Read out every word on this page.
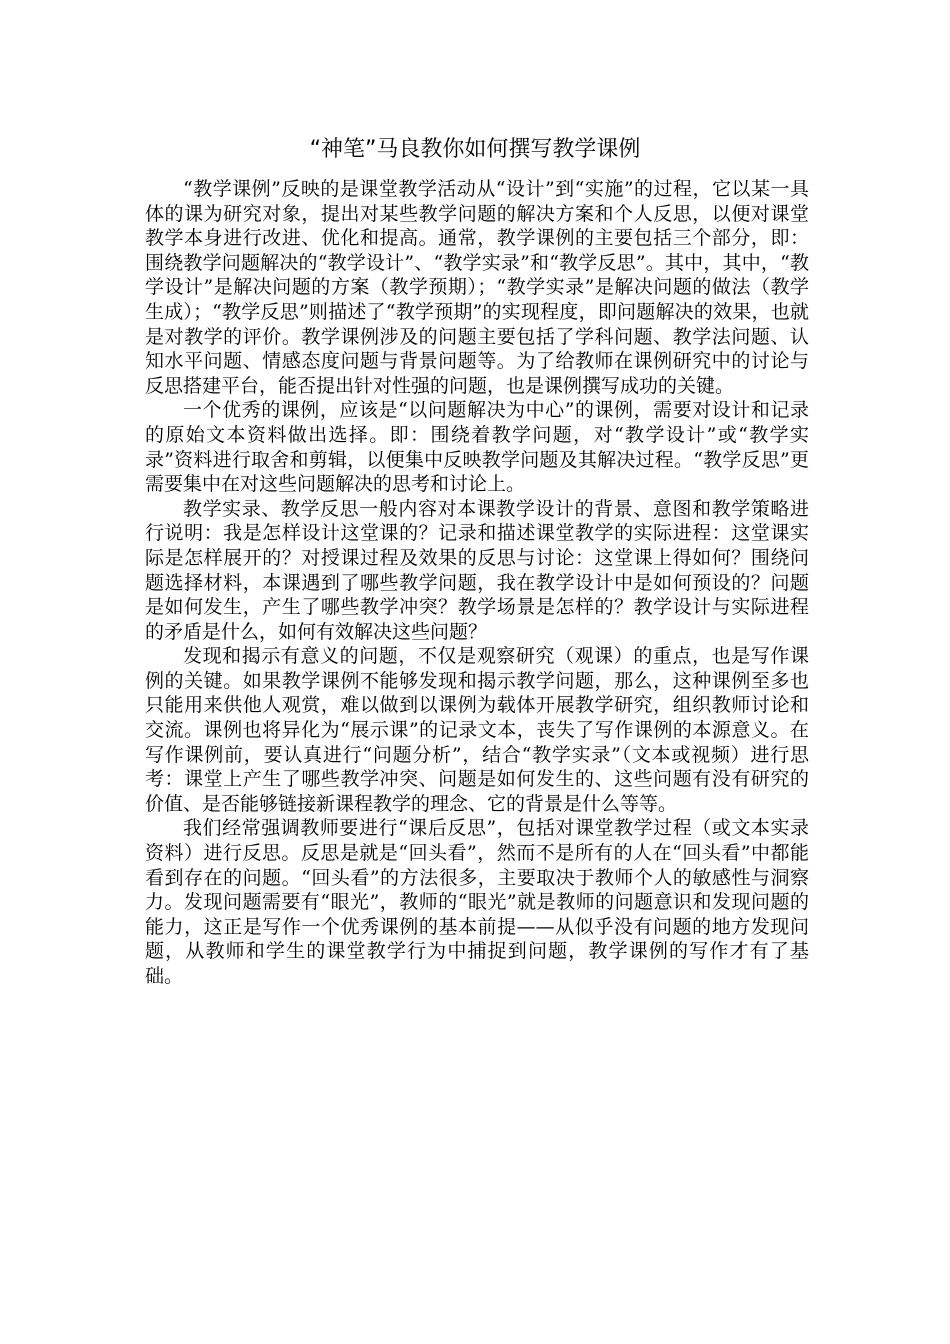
“神笔”马良教你如何撰写教学课例

“教学课例”反映的是课堂教学活动从“设计”到“实施”的过程，它以某一具体的课为研究对象，提出对某些教学问题的解决方案和个人反思，以便对课堂教学本身进行改进、优化和提高。通常，教学课例的主要包括三个部分，即：围绕教学问题解决的“教学设计”、“教学实录”和“教学反思”。其中，其中，“教学设计”是解决问题的方案（教学预期）；“教学实录”是解决问题的做法（教学生成）；“教学反思”则描述了“教学预期”的实现程度，即问题解决的效果，也就是对教学的评价。教学课例涉及的问题主要包括了学科问题、教学法问题、认知水平问题、情感态度问题与背景问题等。为了给教师在课例研究中的讨论与反思搭建平台，能否提出针对性强的问题，也是课例撰写成功的关键。

一个优秀的课例，应该是“以问题解决为中心”的课例，需要对设计和记录的原始文本资料做出选择。即：围绕着教学问题，对“教学设计”或“教学实录”资料进行取舍和剪辑，以便集中反映教学问题及其解决过程。“教学反思”更需要集中在对这些问题解决的思考和讨论上。

教学实录、教学反思一般内容对本课教学设计的背景、意图和教学策略进行说明：我是怎样设计这堂课的？记录和描述课堂教学的实际进程：这堂课实际是怎样展开的？对授课过程及效果的反思与讨论：这堂课上得如何？围绕问题选择材料，本课遇到了哪些教学问题，我在教学设计中是如何预设的？问题是如何发生，产生了哪些教学冲突？教学场景是怎样的？教学设计与实际进程的矛盾是什么，如何有效解决这些问题？

发现和揭示有意义的问题，不仅是观察研究（观课）的重点，也是写作课例的关键。如果教学课例不能够发现和揭示教学问题，那么，这种课例至多也只能用来供他人观赏，难以做到以课例为载体开展教学研究，组织教师讨论和交流。课例也将异化为“展示课”的记录文本，丧失了写作课例的本源意义。在写作课例前，要认真进行“问题分析”，结合“教学实录”（文本或视频）进行思考：课堂上产生了哪些教学冲突、问题是如何发生的、这些问题有没有研究的价值、是否能够链接新课程教学的理念、它的背景是什么等等。

我们经常强调教师要进行“课后反思”，包括对课堂教学过程（或文本实录资料）进行反思。反思是就是“回头看”，然而不是所有的人在“回头看”中都能看到存在的问题。“回头看”的方法很多，主要取决于教师个人的敏感性与洞察力。发现问题需要有“眼光”，教师的“眼光”就是教师的问题意识和发现问题的能力，这正是写作一个优秀课例的基本前提——从似乎没有问题的地方发现问题，从教师和学生的课堂教学行为中捕捉到问题，教学课例的写作才有了基础。
